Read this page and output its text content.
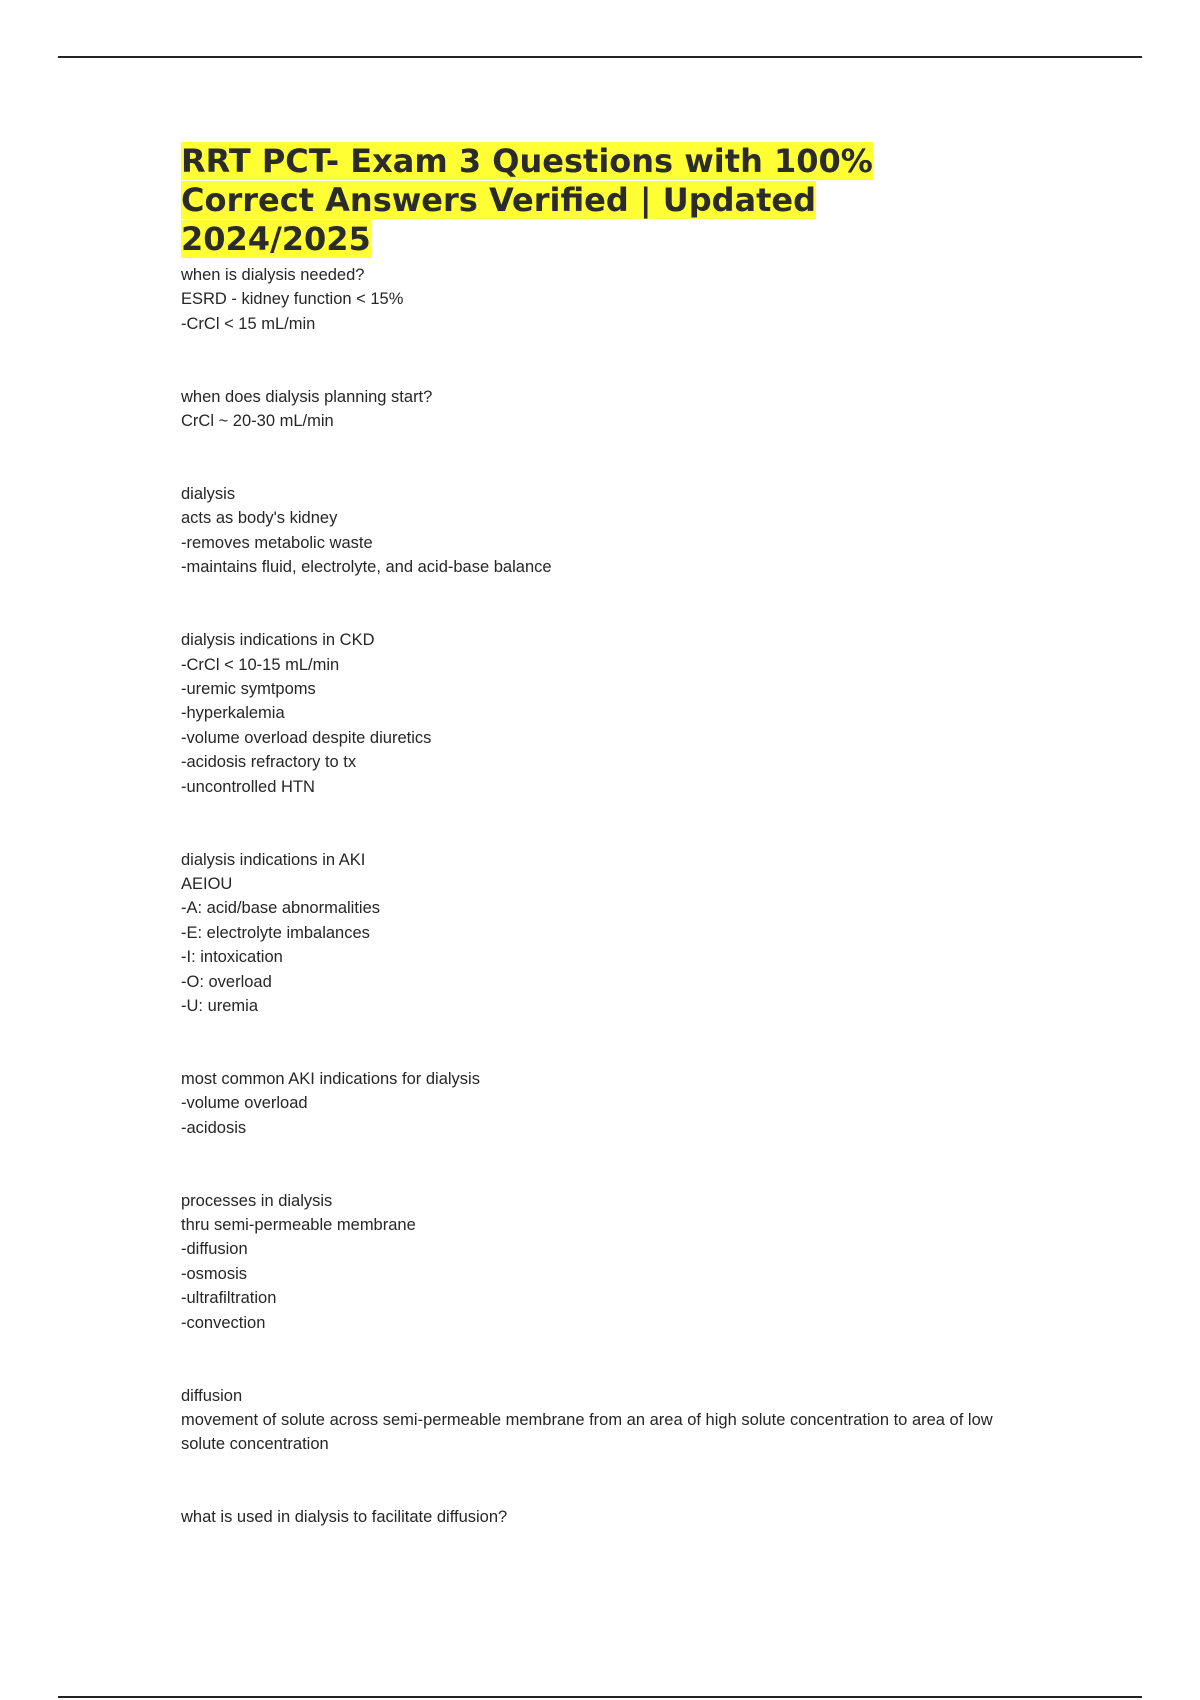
RRT PCT- Exam 3 Questions with 100% Correct Answers Verified | Updated 2024/2025
when is dialysis needed?
ESRD - kidney function < 15%
-CrCl < 15 mL/min
when does dialysis planning start?
CrCl ~ 20-30 mL/min
dialysis
acts as body's kidney
-removes metabolic waste
-maintains fluid, electrolyte, and acid-base balance
dialysis indications in CKD
-CrCl < 10-15 mL/min
-uremic symtpoms
-hyperkalemia
-volume overload despite diuretics
-acidosis refractory to tx
-uncontrolled HTN
dialysis indications in AKI
AEIOU
-A: acid/base abnormalities
-E: electrolyte imbalances
-I: intoxication
-O: overload
-U: uremia
most common AKI indications for dialysis
-volume overload
-acidosis
processes in dialysis
thru semi-permeable membrane
-diffusion
-osmosis
-ultrafiltration
-convection
diffusion
movement of solute across semi-permeable membrane from an area of high solute concentration to area of low solute concentration
what is used in dialysis to facilitate diffusion?
